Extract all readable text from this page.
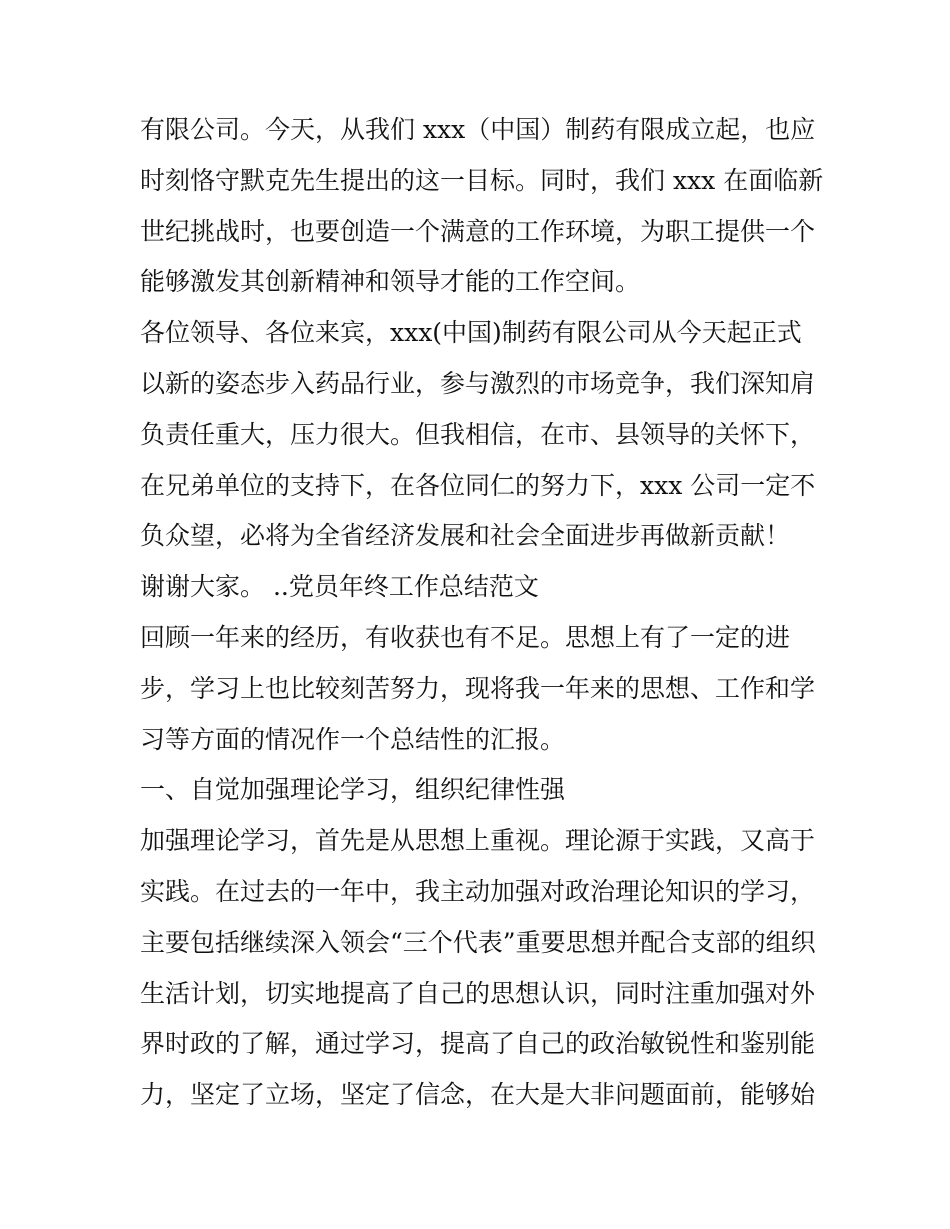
有限公司。今天，从我们 xxx（中国）制药有限成立起，也应
时刻恪守默克先生提出的这一目标。同时，我们 xxx 在面临新
世纪挑战时，也要创造一个满意的工作环境，为职工提供一个
能够激发其创新精神和领导才能的工作空间。
各位领导、各位来宾，xxx(中国)制药有限公司从今天起正式
以新的姿态步入药品行业，参与激烈的市场竞争，我们深知肩
负责任重大，压力很大。但我相信，在市、县领导的关怀下，
在兄弟单位的支持下，在各位同仁的努力下，xxx 公司一定不
负众望，必将为全省经济发展和社会全面进步再做新贡献！
谢谢大家。 ..党员年终工作总结范文
回顾一年来的经历，有收获也有不足。思想上有了一定的进
步，学习上也比较刻苦努力，现将我一年来的思想、工作和学
习等方面的情况作一个总结性的汇报。
一、自觉加强理论学习，组织纪律性强
加强理论学习，首先是从思想上重视。理论源于实践，又高于
实践。在过去的一年中，我主动加强对政治理论知识的学习，
主要包括继续深入领会“三个代表”重要思想并配合支部的组织
生活计划，切实地提高了自己的思想认识，同时注重加强对外
界时政的了解，通过学习，提高了自己的政治敏锐性和鉴别能
力，坚定了立场，坚定了信念，在大是大非问题面前，能够始
